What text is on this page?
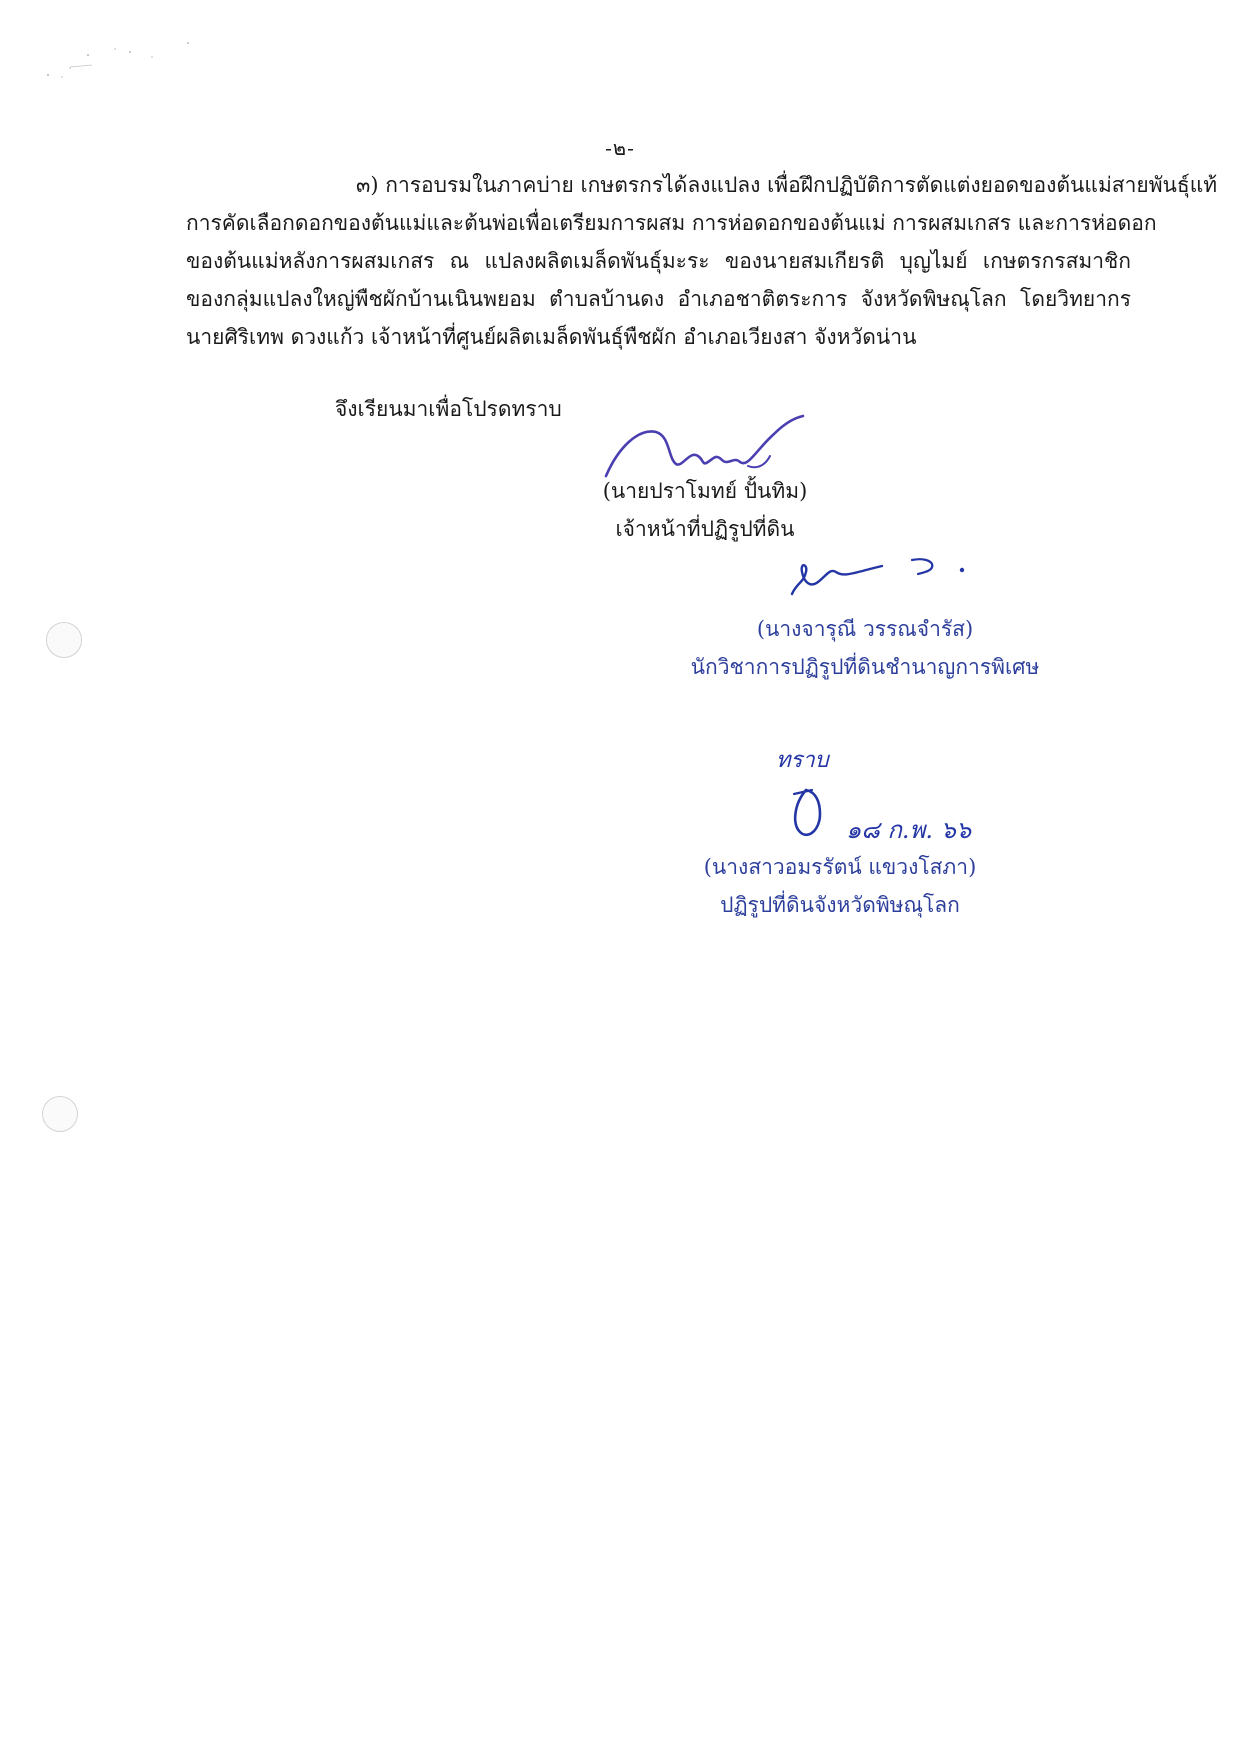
-๒-
๓) การอบรมในภาคบ่าย เกษตรกรได้ลงแปลง เพื่อฝึกปฏิบัติการตัดแต่งยอดของต้นแม่สายพันธุ์แท้
การคัดเลือกดอกของต้นแม่และต้นพ่อเพื่อเตรียมการผสม การห่อดอกของต้นแม่ การผสมเกสร และการห่อดอก
ของต้นแม่หลังการผสมเกสร ณ แปลงผลิตเมล็ดพันธุ์มะระ ของนายสมเกียรติ บุญไมย์ เกษตรกรสมาชิก
ของกลุ่มแปลงใหญ่พืชผักบ้านเนินพยอม ตำบลบ้านดง อำเภอชาติตระการ จังหวัดพิษณุโลก โดยวิทยากร
นายศิริเทพ ดวงแก้ว เจ้าหน้าที่ศูนย์ผลิตเมล็ดพันธุ์พืชผัก อำเภอเวียงสา จังหวัดน่าน
จึงเรียนมาเพื่อโปรดทราบ
(นายปราโมทย์ ปั้นทิม)
เจ้าหน้าที่ปฏิรูปที่ดิน
(นางจารุณี วรรณจำรัส)
นักวิชาการปฏิรูปที่ดินชำนาญการพิเศษ
ทราบ
๑๘ ก.พ. ๖๖
(นางสาวอมรรัตน์ แขวงโสภา)
ปฏิรูปที่ดินจังหวัดพิษณุโลก
